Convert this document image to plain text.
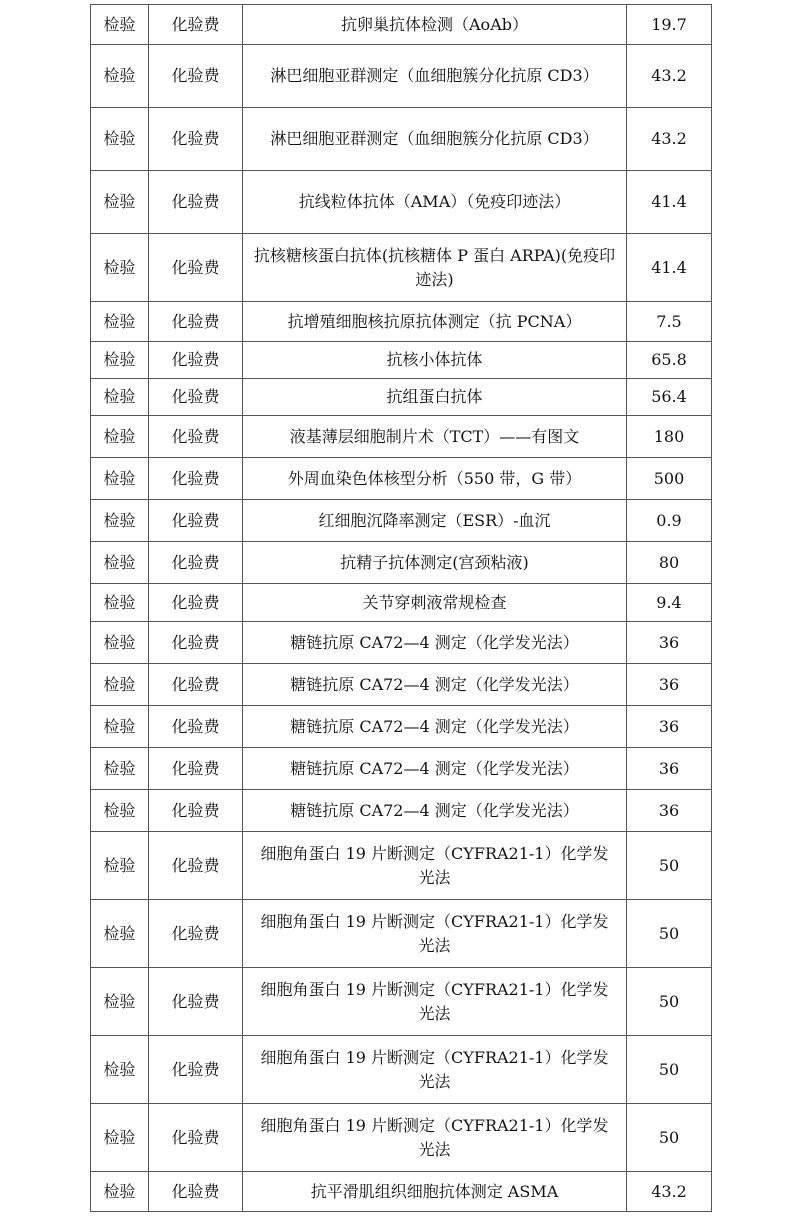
检验	化验费	抗卵巢抗体检测（AoAb）	19.7
检验	化验费	淋巴细胞亚群测定（血细胞簇分化抗原 CD3）	43.2
检验	化验费	淋巴细胞亚群测定（血细胞簇分化抗原 CD3）	43.2
检验	化验费	抗线粒体抗体（AMA）（免疫印迹法）	41.4
检验	化验费	抗核糖核蛋白抗体(抗核糖体 P 蛋白 ARPA)(免疫印迹法)	41.4
检验	化验费	抗增殖细胞核抗原抗体测定（抗 PCNA）	7.5
检验	化验费	抗核小体抗体	65.8
检验	化验费	抗组蛋白抗体	56.4
检验	化验费	液基薄层细胞制片术（TCT）——有图文	180
检验	化验费	外周血染色体核型分析（550 带，G 带）	500
检验	化验费	红细胞沉降率测定（ESR）-血沉	0.9
检验	化验费	抗精子抗体测定(宫颈粘液)	80
检验	化验费	关节穿刺液常规检查	9.4
检验	化验费	糖链抗原 CA72—4 测定（化学发光法）	36
检验	化验费	糖链抗原 CA72—4 测定（化学发光法）	36
检验	化验费	糖链抗原 CA72—4 测定（化学发光法）	36
检验	化验费	糖链抗原 CA72—4 测定（化学发光法）	36
检验	化验费	糖链抗原 CA72—4 测定（化学发光法）	36
检验	化验费	细胞角蛋白 19 片断测定（CYFRA21-1）化学发光法	50
检验	化验费	细胞角蛋白 19 片断测定（CYFRA21-1）化学发光法	50
检验	化验费	细胞角蛋白 19 片断测定（CYFRA21-1）化学发光法	50
检验	化验费	细胞角蛋白 19 片断测定（CYFRA21-1）化学发光法	50
检验	化验费	细胞角蛋白 19 片断测定（CYFRA21-1）化学发光法	50
检验	化验费	抗平滑肌组织细胞抗体测定 ASMA	43.2
